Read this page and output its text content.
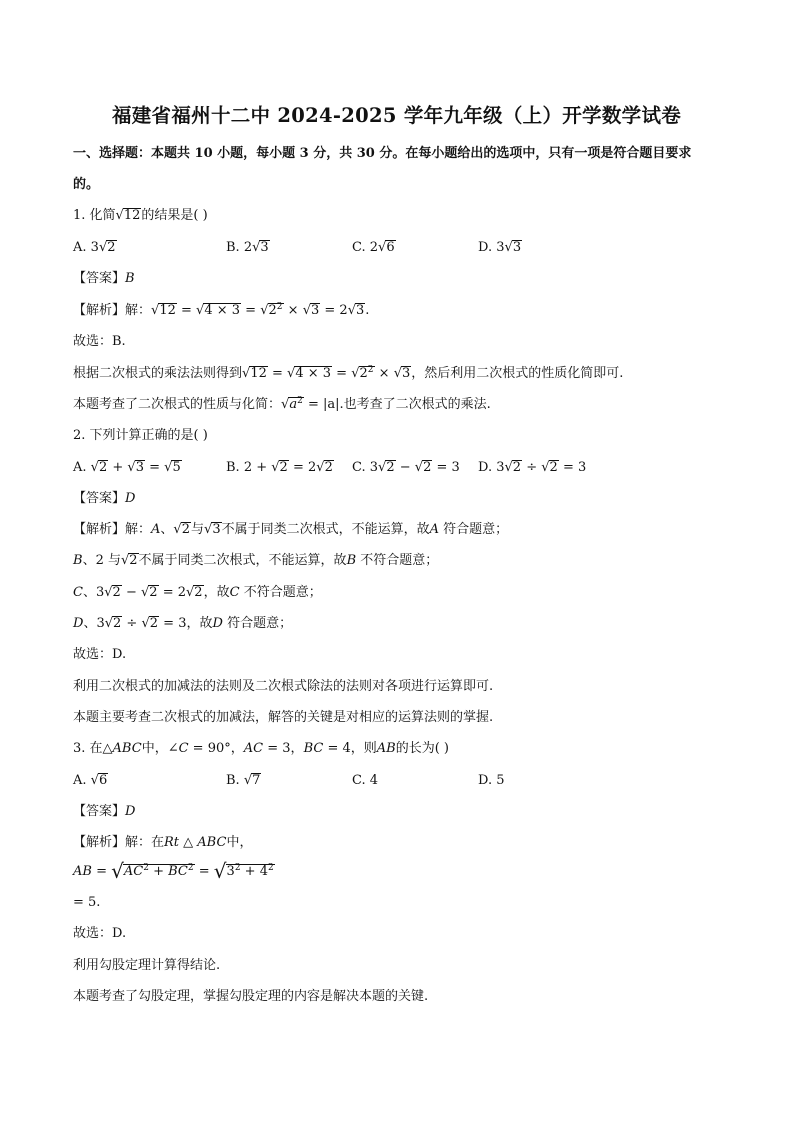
福建省福州十二中 2024-2025 学年九年级（上）开学数学试卷
一、选择题：本题共 10 小题，每小题 3 分，共 30 分。在每小题给出的选项中，只有一项是符合题目要求
的。
1. 化简√12的结果是( )
A. 3√2	B. 2√3	C. 2√6	D. 3√3
【答案】B
【解析】解：$√12 = √4 \times 3 = √2^2 \times √3 = 2√3$.
故选：B.
根据二次根式的乘法法则得到$√12 = √4 \times 3 = √2^2 \times √3$，然后利用二次根式的性质化简即可.
本题考查了二次根式的性质与化简：$√a^2 = |a|$.也考查了二次根式的乘法.
2. 下列计算正确的是( )
A. √2 + √3 = √5	B. 2 + √2 = 2√2 C. 3√2 − √2 = 3 D. 3√2 ÷ √2 = 3
【答案】D
【解析】解：A、√2与√3不属于同类二次根式，不能运算，故A 符合题意；
B、2 与√2不属于同类二次根式，不能运算，故B 不符合题意；
C、3√2 − √2 = 2√2，故C 不符合题意；
D、3√2 ÷ √2 = 3，故D 符合题意；
故选：D.
利用二次根式的加减法的法则及二次根式除法的法则对各项进行运算即可.
本题主要考查二次根式的加减法，解答的关键是对相应的运算法则的掌握.
3. 在△ABC中，∠C = 90°，AC = 3，BC = 4，则AB的长为( )
A. √6	B. √7	C. 4	D. 5
【答案】D
【解析】解：在Rt △ ABC中，
AB = $√AC^2 + BC^2 = √3^2 + 4^2$
= 5.
故选：D.
利用勾股定理计算得结论.
本题考查了勾股定理，掌握勾股定理的内容是解决本题的关键.
